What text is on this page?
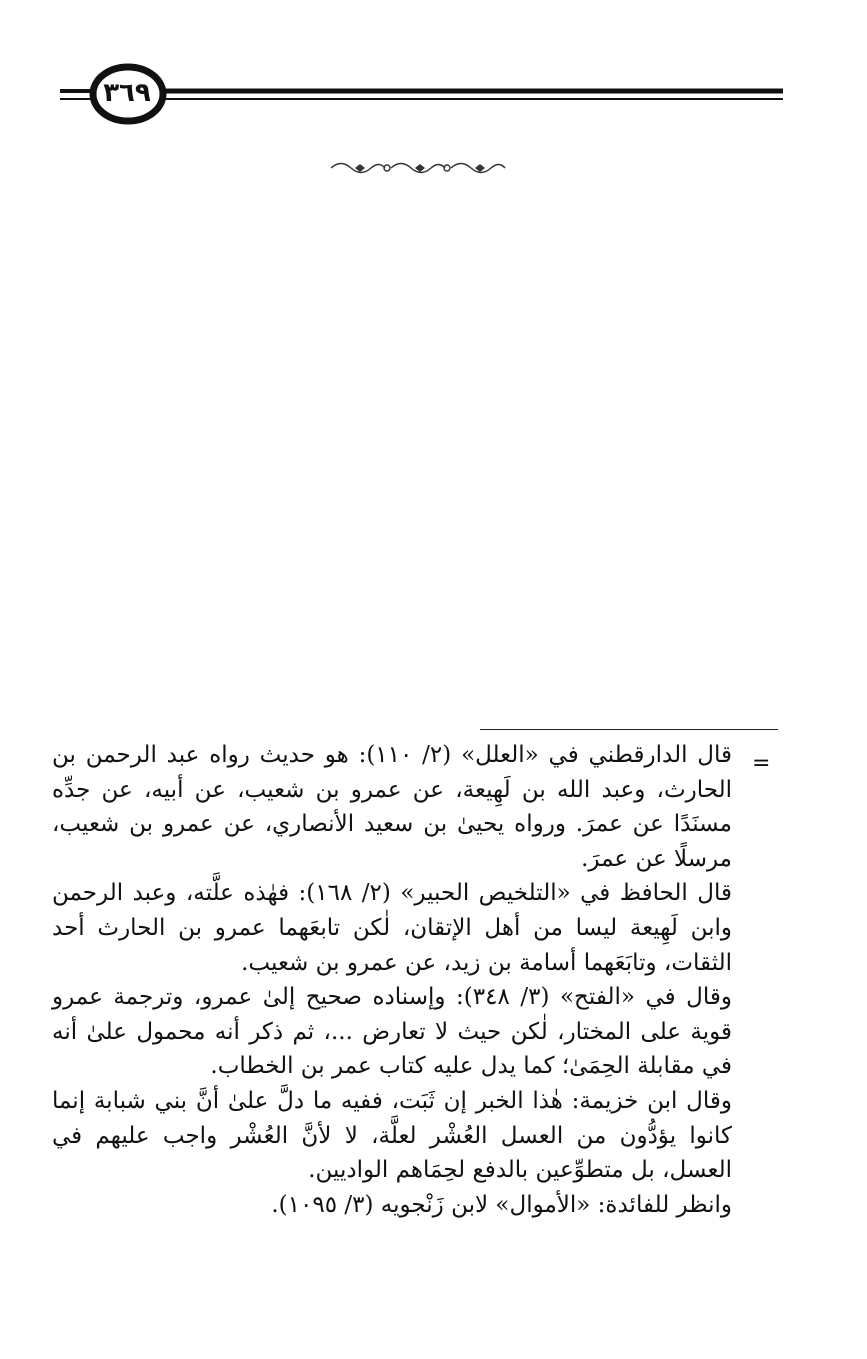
٣٦٩
=

قال الدارقطني في «العلل» (٢/ ١١٠): هو حديث رواه عبد الرحمن بن الحارث، وعبد الله بن لَهِيعة، عن عمرو بن شعيب، عن أبيه، عن جدِّه مسنَدًا عن عمرَ. ورواه يحيىٰ بن سعيد الأنصاري، عن عمرو بن شعيب، مرسلًا عن عمرَ.

قال الحافظ في «التلخيص الحبير» (٢/ ١٦٨): فهٰذه علَّته، وعبد الرحمن وابن لَهِيعة ليسا من أهل الإتقان، لٰكن تابعَهما عمرو بن الحارث أحد الثقات، وتابَعَهما أسامة بن زيد، عن عمرو بن شعيب.

وقال في «الفتح» (٣/ ٣٤٨): وإسناده صحيح إلىٰ عمرو، وترجمة عمرو قوية على المختار، لٰكن حيث لا تعارض ...، ثم ذكر أنه محمول علىٰ أنه في مقابلة الحِمَىٰ؛ كما يدل عليه كتاب عمر بن الخطاب.

وقال ابن خزيمة: هٰذا الخبر إن ثَبَت، ففيه ما دلَّ علىٰ أنَّ بني شبابة إنما كانوا يؤدُّون من العسل العُشْر لعلَّة، لا لأنَّ العُشْر واجب عليهم في العسل، بل متطوِّعين بالدفع لحِمَاهم الواديين.

وانظر للفائدة: «الأموال» لابن زَنْجويه (٣/ ١٠٩٥).
